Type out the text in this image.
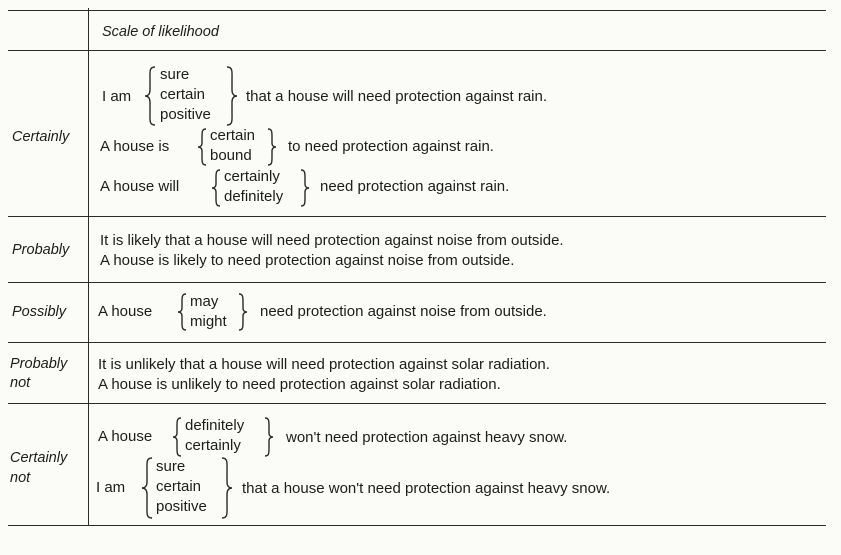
Scale of likelihood
Certainly
I am
sure
certain
positive
that a house will need protection against rain.
A house is
certain
bound
to need protection against rain.
A house will
certainly
definitely
need protection against rain.
Probably
It is likely that a house will need protection against noise from outside.
A house is likely to need protection against noise from outside.
Possibly A house
may
might
need protection against noise from outside.
Probably
not
It is unlikely that a house will need protection against solar radiation.
A house is unlikely to need protection against solar radiation.
Certainly
not
A house
definitely
certainly	won't need protection against heavy snow.
I am
sure
certain
positive
that a house won't need protection against heavy snow.
